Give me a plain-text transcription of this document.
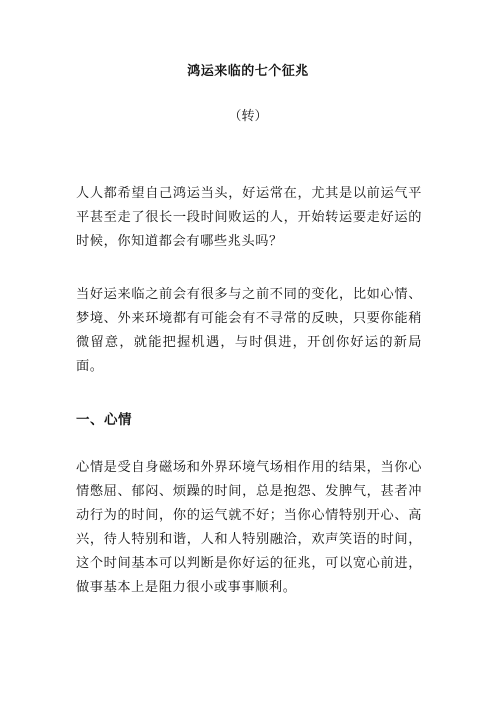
鸿运来临的七个征兆
（转）

人人都希望自己鸿运当头，好运常在，尤其是以前运气平平甚至走了很长一段时间败运的人，开始转运要走好运的时候，你知道都会有哪些兆头吗？

当好运来临之前会有很多与之前不同的变化，比如心情、梦境、外来环境都有可能会有不寻常的反映，只要你能稍微留意，就能把握机遇，与时俱进，开创你好运的新局面。

一、心情

心情是受自身磁场和外界环境气场相作用的结果，当你心情憋屈、郁闷、烦躁的时间，总是抱怨、发脾气，甚者冲动行为的时间，你的运气就不好；当你心情特别开心、高兴，待人特别和谐，人和人特别融洽，欢声笑语的时间，这个时间基本可以判断是你好运的征兆，可以宽心前进，做事基本上是阻力很小或事事顺利。
